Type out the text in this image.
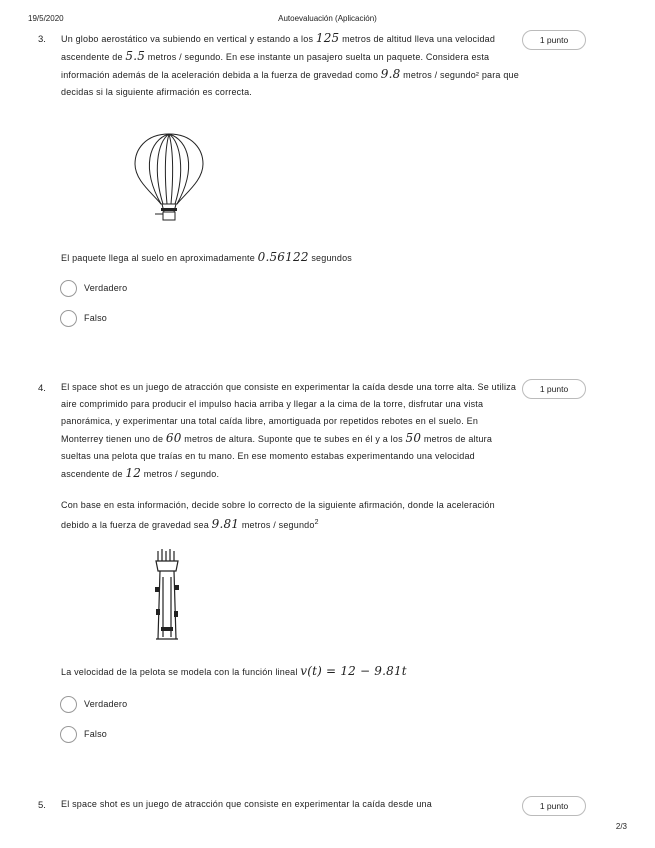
19/5/2020	Autoevaluación (Aplicación)
3.	1 punto
Un globo aerostático va subiendo en vertical y estando a los 125 metros de altitud lleva una velocidad ascendente de 5.5 metros / segundo. En ese instante un pasajero suelta un paquete. Considera esta información además de la aceleración debida a la fuerza de gravedad como 9.8 metros / segundo² para que decidas si la siguiente afirmación es correcta.
El paquete llega al suelo en aproximadamente 0.56122 segundos
Verdadero
Falso
4.	1 punto
El space shot es un juego de atracción que consiste en experimentar la caída desde una torre alta. Se utiliza aire comprimido para producir el impulso hacia arriba y llegar a la cima de la torre, disfrutar una vista panorámica, y experimentar una total caída libre, amortiguada por repetidos rebotes en el suelo. En Monterrey tienen uno de 60 metros de altura. Suponte que te subes en él y a los 50 metros de altura sueltas una pelota que traías en tu mano. En ese momento estabas experimentando una velocidad ascendente de 12 metros / segundo.
Con base en esta información, decide sobre lo correcto de la siguiente afirmación, donde la aceleración debido a la fuerza de gravedad sea 9.81 metros / segundo$^2$
La velocidad de la pelota se modela con la función lineal v(t) = 12 − 9.81t
Verdadero
Falso
5.	1 punto
El space shot es un juego de atracción que consiste en experimentar la caída desde una
2/3
